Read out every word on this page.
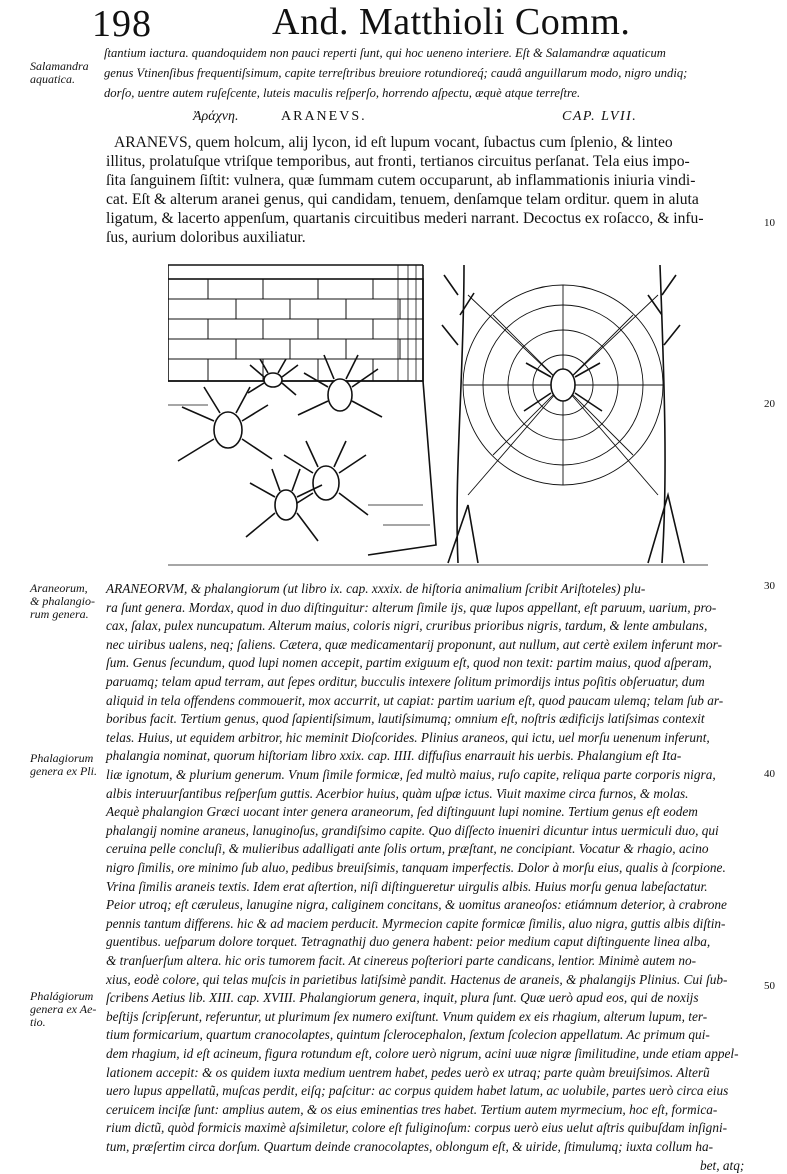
198	And. Matthioli Comm.
Salamandra
aquatica.
ſtantium iactura. quandoquidem non pauci reperti ſunt, qui hoc ueneno interiere. Eſt & Salamandræ aquaticum
genus Vtinenſibus frequentiſsimum, capite terreſtribus breuiore rotundioreq́; caudâ anguillarum modo, nigro undiq;
dorſo, uentre autem ruſeſcente, luteis maculis reſperſo, horrendo aſpectu, æquè atque terreſtre.
Ἀράχνη.	ARANEVS.	CAP. LVII.
ARANEVS, quem holcum, alij lycon, id eſt lupum vocant, ſubactus cum ſplenio, & linteo
illitus, prolatuſque vtriſque temporibus, aut fronti, tertianos circuitus perſanat. Tela eius impo-
ſita ſanguinem ſiſtit: vulnera, quæ ſummam cutem occuparunt, ab inflammationis iniuria vindi-
cat. Eſt & alterum aranei genus, qui candidam, tenuem, denſamque telam orditur. quem in aluta
ligatum, & lacerto appenſum, quartanis circuitibus mederi narrant. Decoctus ex roſacco, & infu-
ſus, aurium doloribus auxiliatur.
10
20
30
40
50
Araneorum,
& phalangio-
rum genera.
Phalagiorum
genera ex Pli.
Phalágiorum
genera ex Ae-
tio.
ARANEORVM, & phalangiorum (ut libro ix. cap. xxxix. de hiſtoria animalium ſcribit Ariſtoteles) plu-
ra ſunt genera. Mordax, quod in duo diſtinguitur: alterum ſimile ijs, quæ lupos appellant, eſt paruum, uarium, pro-
cax, ſalax, pulex nuncupatum. Alterum maius, coloris nigri, cruribus prioribus nigris, tardum, & lente ambulans,
nec uiribus ualens, neq; ſaliens. Cætera, quæ medicamentarij proponunt, aut nullum, aut certè exilem inferunt mor-
ſum. Genus ſecundum, quod lupi nomen accepit, partim exiguum eſt, quod non texit: partim maius, quod aſperam,
paruamq; telam apud terram, aut ſepes orditur, bucculis intexere ſolitum primordijs intus poſitis obſeruatur, dum
aliquid in tela offendens commouerit, mox accurrit, ut capiat: partim uarium eſt, quod paucam ulemq; telam ſub ar-
boribus facit. Tertium genus, quod ſapientiſsimum, lautiſsimumq; omnium eſt, noſtris ædificijs latiſsimas contexit
telas. Huius, ut equidem arbitror, hic meminit Dioſcorides. Plinius araneos, qui ictu, uel morſu uenenum inferunt,
phalangia nominat, quorum hiſtoriam libro xxix. cap. IIII. diffuſius enarrauit his uerbis. Phalangium eſt Ita-
liæ ignotum, & plurium generum. Vnum ſimile formicæ, ſed multò maius, ruſo capite, reliqua parte corporis nigra,
albis interuurſantibus reſperſum guttis. Acerbior huius, quàm uſpæ ictus. Viuit maxime circa furnos, & molas.
Aequè phalangion Græci uocant inter genera araneorum, ſed diſtinguunt lupi nomine. Tertium genus eſt eodem
phalangij nomine araneus, lanuginoſus, grandiſsimo capite. Quo diſſecto inueniri dicuntur intus uermiculi duo, qui
ceruina pelle concluſi, & mulieribus adalligati ante ſolis ortum, præſtant, ne concipiant. Vocatur & rhagio, acino
nigro ſimilis, ore minimo ſub aluo, pedibus breuiſsimis, tanquam imperfectis. Dolor à morſu eius, qualis à ſcorpione.
Vrina ſimilis araneis textis. Idem erat aſtertion, niſi diſtingueretur uirgulis albis. Huius morſu genua labeſactatur.
Peior utroq; eſt cæruleus, lanugine nigra, caliginem concitans, & uomitus araneoſos: etiámnum deterior, à crabrone
pennis tantum differens. hic & ad maciem perducit. Myrmecion capite formicæ ſimilis, aluo nigra, guttis albis diſtin-
guentibus. ueſparum dolore torquet. Tetragnathij duo genera habent: peior medium caput diſtinguente linea alba,
& tranſuerſum altera. hic oris tumorem facit. At cinereus poſteriori parte candicans, lentior. Minimè autem no-
xius, eodè colore, qui telas muſcis in parietibus latiſsimè pandit. Hactenus de araneis, & phalangijs Plinius. Cui ſub-
ſcribens Aetius lib. XIII. cap. XVIII. Phalangiorum genera, inquit, plura ſunt. Quæ uerò apud eos, qui de noxijs
beſtijs ſcripſerunt, referuntur, ut plurimum ſex numero exiſtunt. Vnum quidem ex eis rhagium, alterum lupum, ter-
tium formicarium, quartum cranocolaptes, quintum ſclerocephalon, ſextum ſcolecion appellatum. Ac primum qui-
dem rhagium, id eſt acineum, figura rotundum eſt, colore uerò nigrum, acini uuæ nigræ ſimilitudine, unde etiam appel-
lationem accepit: & os quidem iuxta medium uentrem habet, pedes uerò ex utraq; parte quàm breuiſsimos. Alterũ
uero lupus appellatũ, muſcas perdit, eiſq; paſcitur: ac corpus quidem habet latum, ac uolubile, partes uerò circa eius
ceruicem inciſæ ſunt: amplius autem, & os eius eminentias tres habet. Tertium autem myrmecium, hoc eſt, formica-
rium dictũ, quòd formicis maximè aſsimiletur, colore eſt fuliginoſum: corpus uerò eius uelut aſtris quibuſdam inſigni-
tum, præſertim circa dorſum. Quartum deinde cranocolaptes, oblongum eſt, & uiride, ſtimulumq; iuxta collum ha-
bet, atq;
